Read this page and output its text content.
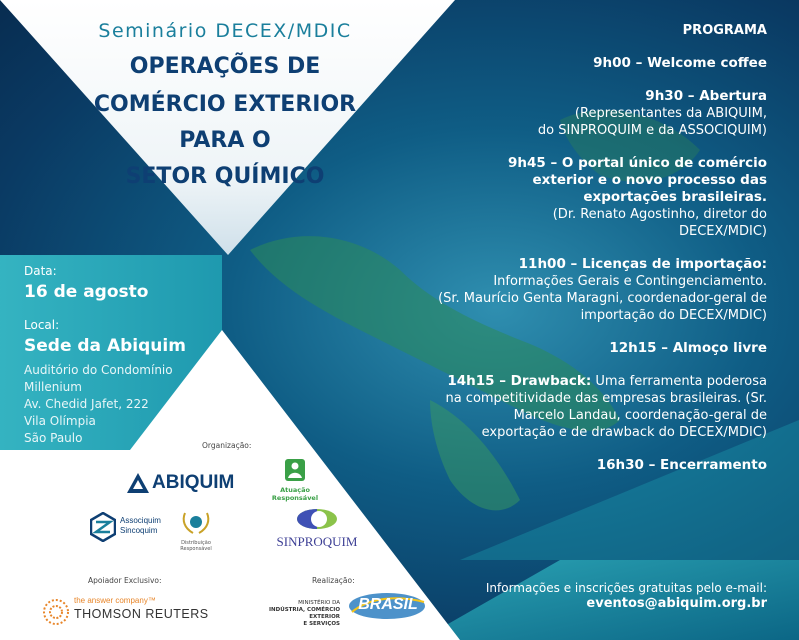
Seminário DECEX/MDIC
OPERAÇÕES DE
COMÉRCIO EXTERIOR
PARA O
SETOR QUÍMICO
Data:
16 de agosto
Local:
Sede da Abiquim
Auditório do Condomínio
Millenium
Av. Chedid Jafet, 222
Vila Olímpia
São Paulo
PROGRAMA
9h00 – Welcome coffee
9h30 – Abertura
(Representantes da ABIQUIM,
do SINPROQUIM e da ASSOCIQUIM)
9h45 – O portal único de comércio exterior e o novo processo das exportações brasileiras.
(Dr. Renato Agostinho, diretor do DECEX/MDIC)
11h00 – Licenças de importação:
Informações Gerais e Contingenciamento.
(Sr. Maurício Genta Maragni, coordenador-geral de importação do DECEX/MDIC)
12h15 – Almoço livre
14h15 – Drawback: Uma ferramenta poderosa na competitividade das empresas brasileiras. (Sr. Marcelo Landau, coordenação-geral de exportação e de drawback do DECEX/MDIC)
16h30 – Encerramento
Informações e inscrições gratuitas pelo e-mail:
eventos@abiquim.org.br
Organização:
ABIQUIM	Atuação Responsável
Associquim
Sincoquim
Distribuição Responsável	SINPROQUIM
Apoiador Exclusivo:
the answer company™
THOMSON REUTERS
Realização:
MINISTÉRIO DA
INDÚSTRIA, COMÉRCIO EXTERIOR
E SERVIÇOS
BRASIL
